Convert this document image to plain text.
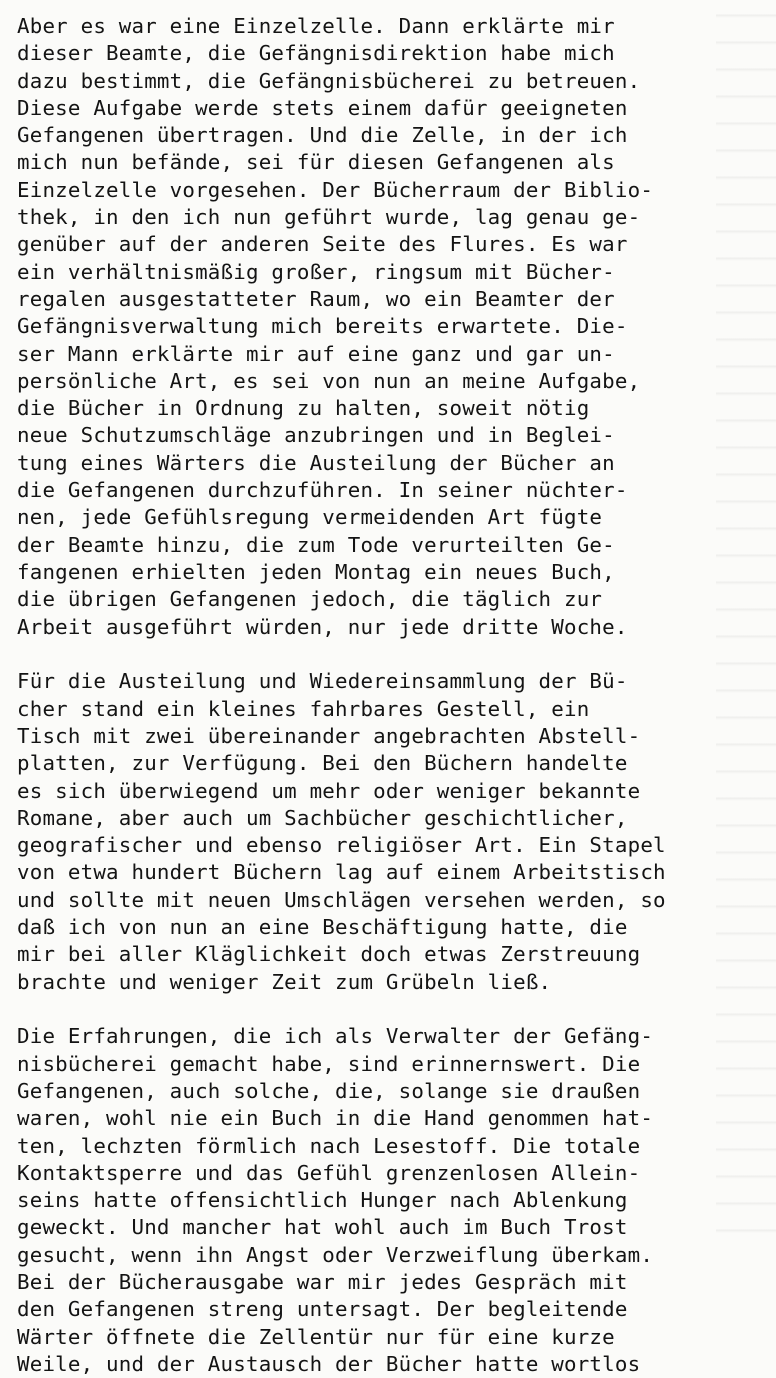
Aber es war eine Einzelzelle. Dann erklärte mir
dieser Beamte, die Gefängnisdirektion habe mich
dazu bestimmt, die Gefängnisbücherei zu betreuen.
Diese Aufgabe werde stets einem dafür geeigneten
Gefangenen übertragen. Und die Zelle, in der ich
mich nun befände, sei für diesen Gefangenen als
Einzelzelle vorgesehen. Der Bücherraum der Biblio-
thek, in den ich nun geführt wurde, lag genau ge-
genüber auf der anderen Seite des Flures. Es war
ein verhältnismäßig großer, ringsum mit Bücher-
regalen ausgestatteter Raum, wo ein Beamter der
Gefängnisverwaltung mich bereits erwartete. Die-
ser Mann erklärte mir auf eine ganz und gar un-
persönliche Art, es sei von nun an meine Aufgabe,
die Bücher in Ordnung zu halten, soweit nötig
neue Schutzumschläge anzubringen und in Beglei-
tung eines Wärters die Austeilung der Bücher an
die Gefangenen durchzuführen. In seiner nüchter-
nen, jede Gefühlsregung vermeidenden Art fügte
der Beamte hinzu, die zum Tode verurteilten Ge-
fangenen erhielten jeden Montag ein neues Buch,
die übrigen Gefangenen jedoch, die täglich zur
Arbeit ausgeführt würden, nur jede dritte Woche.
Für die Austeilung und Wiedereinsammlung der Bü-
cher stand ein kleines fahrbares Gestell, ein
Tisch mit zwei übereinander angebrachten Abstell-
platten, zur Verfügung. Bei den Büchern handelte
es sich überwiegend um mehr oder weniger bekannte
Romane, aber auch um Sachbücher geschichtlicher,
geografischer und ebenso religiöser Art. Ein Stapel
von etwa hundert Büchern lag auf einem Arbeitstisch
und sollte mit neuen Umschlägen versehen werden, so
daß ich von nun an eine Beschäftigung hatte, die
mir bei aller Kläglichkeit doch etwas Zerstreuung
brachte und weniger Zeit zum Grübeln ließ.
Die Erfahrungen, die ich als Verwalter der Gefäng-
nisbücherei gemacht habe, sind erinnernswert. Die
Gefangenen, auch solche, die, solange sie draußen
waren, wohl nie ein Buch in die Hand genommen hat-
ten, lechzten förmlich nach Lesestoff. Die totale
Kontaktsperre und das Gefühl grenzenlosen Allein-
seins hatte offensichtlich Hunger nach Ablenkung
geweckt. Und mancher hat wohl auch im Buch Trost
gesucht, wenn ihn Angst oder Verzweiflung überkam.
Bei der Bücherausgabe war mir jedes Gespräch mit
den Gefangenen streng untersagt. Der begleitende
Wärter öffnete die Zellentür nur für eine kurze
Weile, und der Austausch der Bücher hatte wortlos
